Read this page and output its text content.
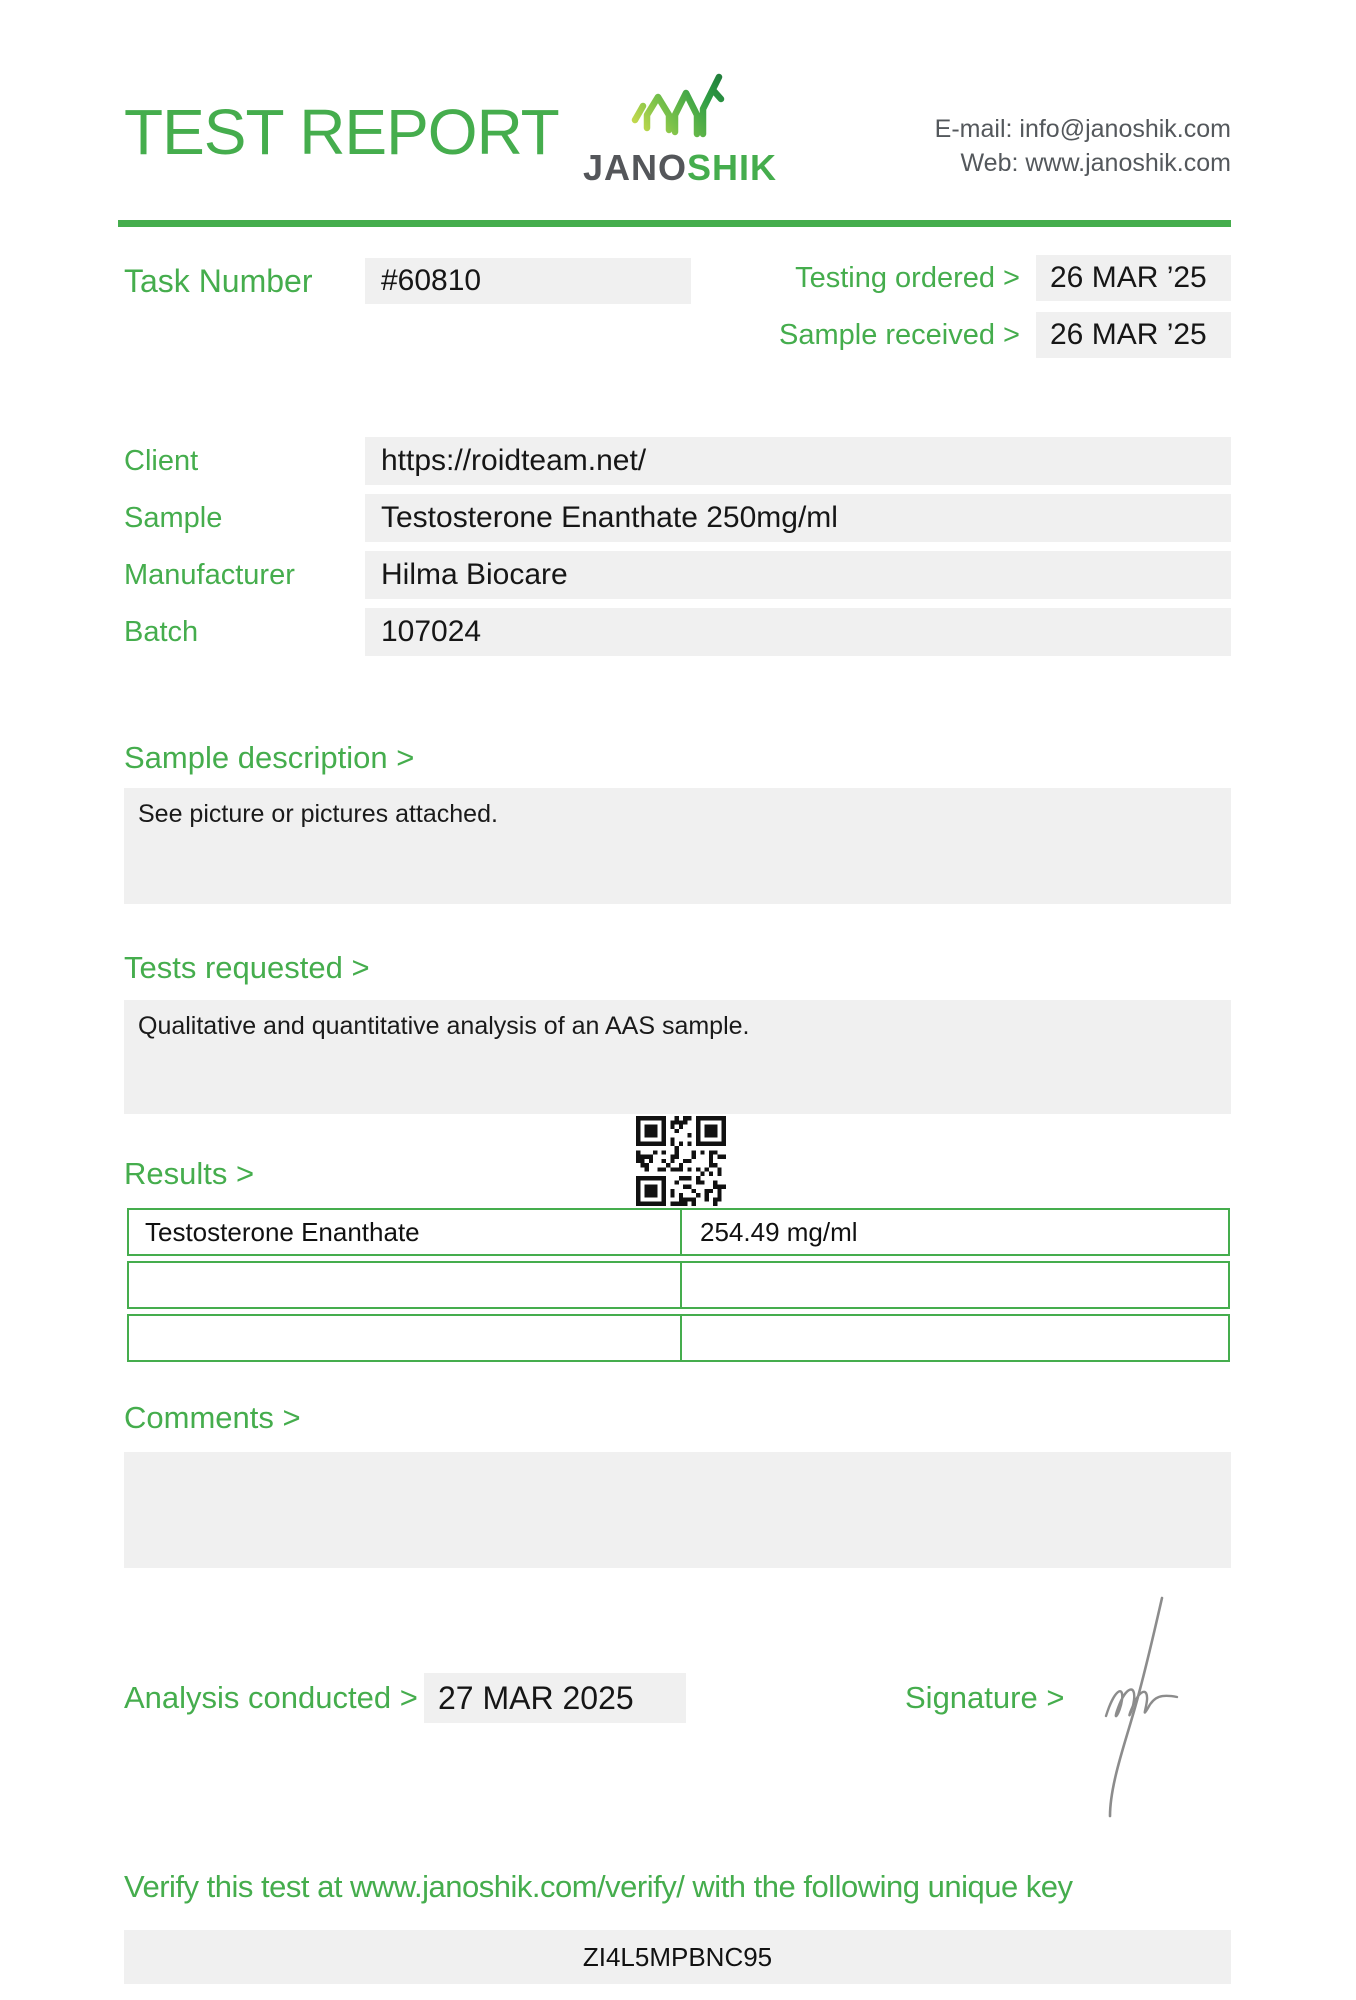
TEST REPORT JANOSHIK
E-mail: info@janoshik.com
Web: www.janoshik.com
Task Number	#60810	Testing ordered >	26 MAR ’25
Sample received >	26 MAR ’25
Client	https://roidteam.net/
Sample	Testosterone Enanthate 250mg/ml
Manufacturer	Hilma Biocare
Batch	107024
Sample description >
See picture or pictures attached.
Tests requested >
Qualitative and quantitative analysis of an AAS sample.
Results >
Testosterone Enanthate	254.49 mg/ml
Comments >
Analysis conducted > 27 MAR 2025	Signature >
Verify this test at www.janoshik.com/verify/ with the following unique key
ZI4L5MPBNC95
